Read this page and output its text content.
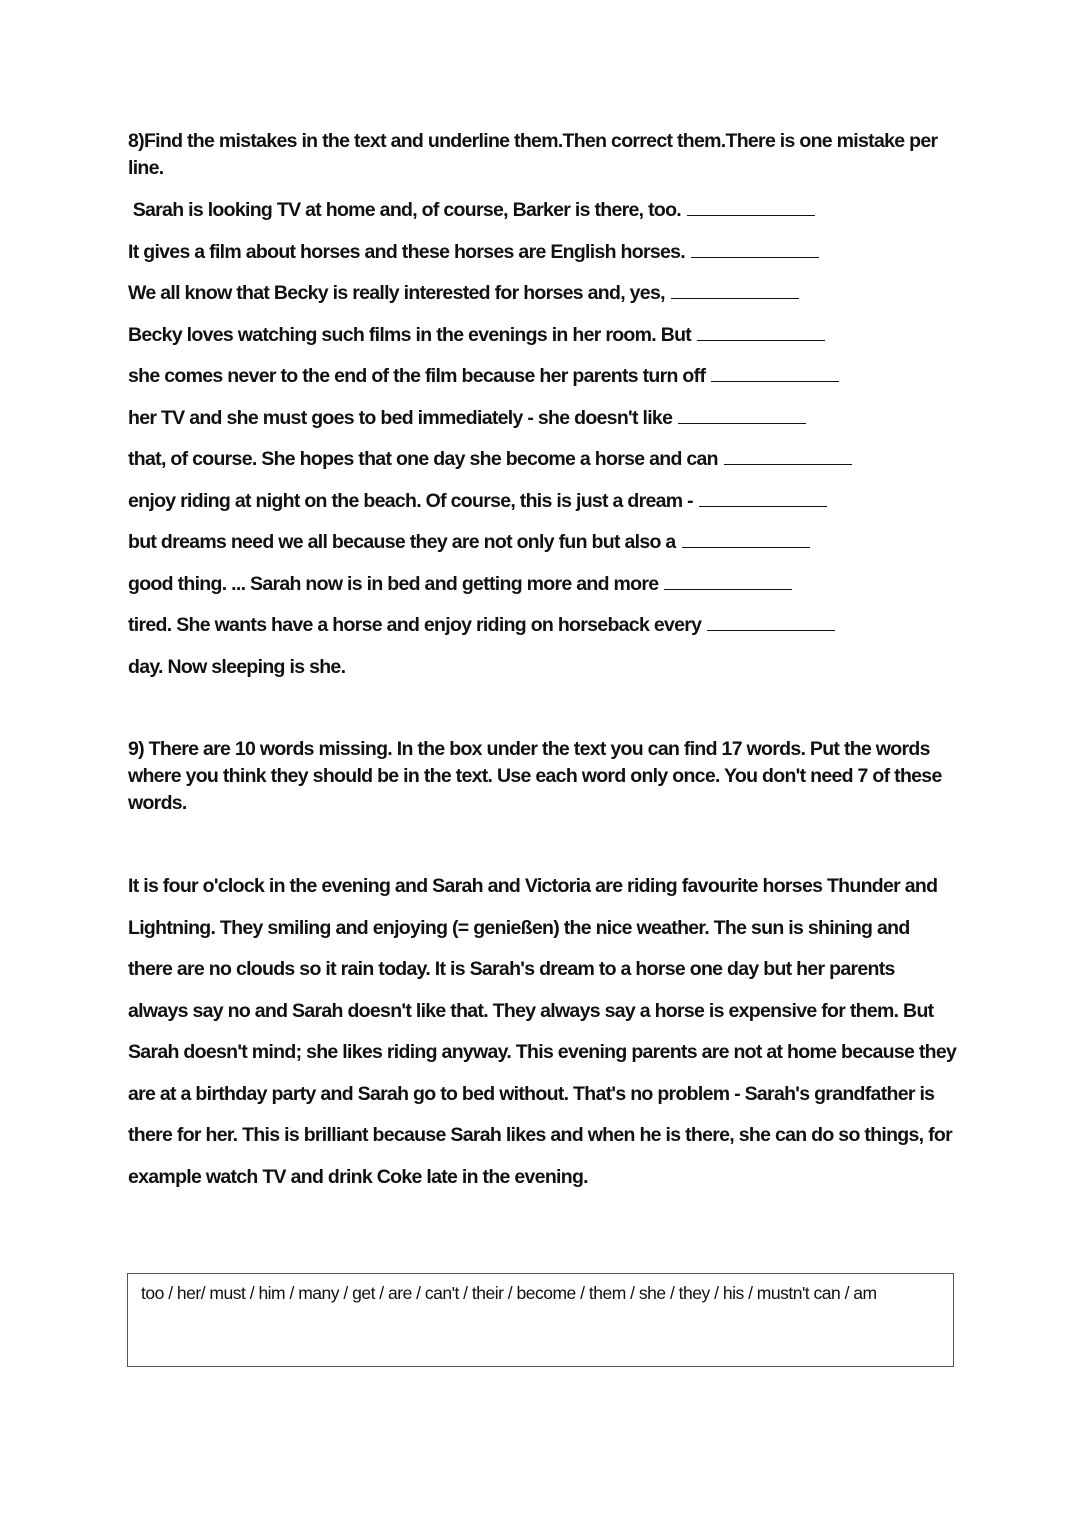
8)Find the mistakes in the text and underline them.Then correct them.There is one mistake per line.
Sarah is looking TV at home and, of course, Barker is there, too.
It gives a film about horses and these horses are English horses.
We all know that Becky is really interested for horses and, yes,
Becky loves watching such films in the evenings in her room. But
she comes never to the end of the film because her parents turn off
her TV and she must goes to bed immediately - she doesn't like
that, of course. She hopes that one day she become a horse and can
enjoy riding at night on the beach. Of course, this is just a dream -
but dreams need we all because they are not only fun but also a
good thing. ... Sarah now is in bed and getting more and more
tired. She wants have a horse and enjoy riding on horseback every
day. Now sleeping is she.
9) There are 10 words missing. In the box under the text you can find 17 words. Put the words where you think they should be in the text. Use each word only once. You don't need 7 of these words.
It is four o'clock in the evening and Sarah and Victoria are riding favourite horses Thunder and
Lightning. They smiling and enjoying (= genießen) the nice weather. The sun is shining and
there are no clouds so it rain today. It is Sarah's dream to a horse one day but her parents
always say no and Sarah doesn't like that. They always say a horse is expensive for them. But
Sarah doesn't mind; she likes riding anyway. This evening parents are not at home because they
are at a birthday party and Sarah go to bed without. That's no problem - Sarah's grandfather is
there for her. This is brilliant because Sarah likes and when he is there, she can do so things, for
example watch TV and drink Coke late in the evening.

too / her/ must / him / many / get / are / can't / their / become / them / she / they / his / mustn't can / am
